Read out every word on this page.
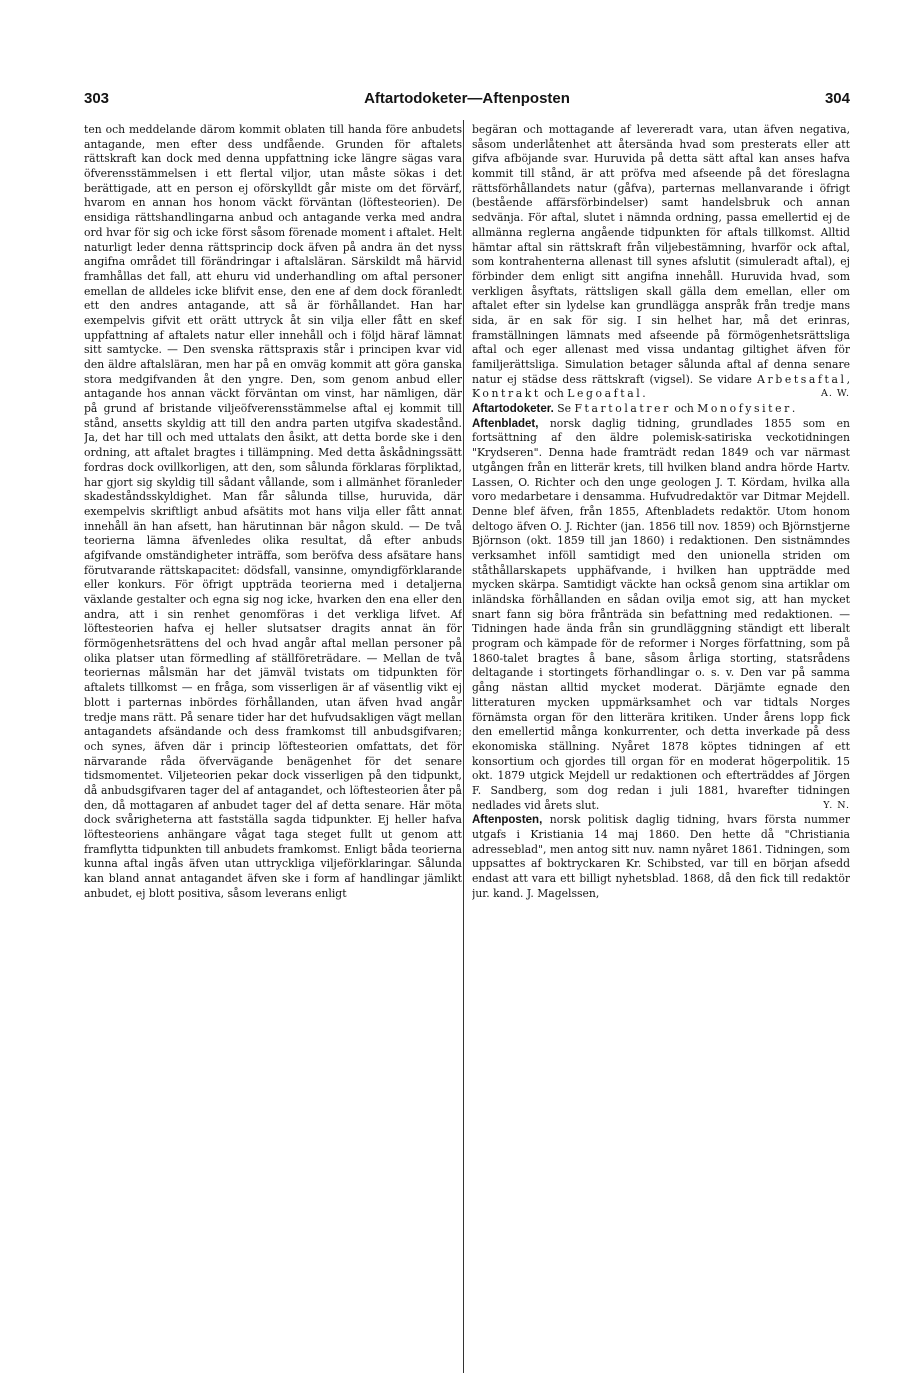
303	Aftartodoketer—Aftenposten	304

ten och meddelande därom kommit oblaten till handa före anbudets antagande, men efter dess undfående. Grunden för aftalets rättskraft kan dock med denna uppfattning icke längre sägas vara öfverensstämmelsen i ett flertal viljor, utan måste sökas i det berättigade, att en person ej oförskylldt går miste om det förvärf, hvarom en annan hos honom väckt förväntan (löftesteorien). De ensidiga rättshandlingarna anbud och antagande verka med andra ord hvar för sig och icke först såsom förenade moment i aftalet. Helt naturligt leder denna rättsprincip dock äfven på andra än det nyss angifna området till förändringar i aftalsläran. Särskildt må härvid framhållas det fall, att ehuru vid underhandling om aftal personer emellan de alldeles icke blifvit ense, den ene af dem dock föranledt ett den andres antagande, att så är förhållandet. Han har exempelvis gifvit ett orätt uttryck åt sin vilja eller fått en skef uppfattning af aftalets natur eller innehåll och i följd häraf lämnat sitt samtycke. — Den svenska rättspraxis står i principen kvar vid den äldre aftalsläran, men har på en omväg kommit att göra ganska stora medgifvanden åt den yngre. Den, som genom anbud eller antagande hos annan väckt förväntan om vinst, har nämligen, där på grund af bristande viljeöfverensstämmelse aftal ej kommit till stånd, ansetts skyldig att till den andra parten utgifva skadestånd. Ja, det har till och med uttalats den åsikt, att detta borde ske i den ordning, att aftalet bragtes i tillämpning. Med detta åskådningssätt fordras dock ovillkorligen, att den, som sålunda förklaras förpliktad, har gjort sig skyldig till sådant vållande, som i allmänhet föranleder skadeståndsskyldighet. Man får sålunda tillse, huruvida, där exempelvis skriftligt anbud afsätits mot hans vilja eller fått annat innehåll än han afsett, han härutinnan bär någon skuld. — De två teorierna lämna äfvenledes olika resultat, då efter anbuds afgifvande omständigheter inträffa, som beröfva dess afsätare hans förutvarande rättskapacitet: dödsfall, vansinne, omyndigförklarande eller konkurs. För öfrigt uppträda teorierna med i detaljerna växlande gestalter och egna sig nog icke, hvarken den ena eller den andra, att i sin renhet genomföras i det verkliga lifvet. Af löftesteorien hafva ej heller slutsatser dragits annat än för förmögenhetsrättens del och hvad angår aftal mellan personer på olika platser utan förmedling af ställföreträdare. — Mellan de två teoriernas målsmän har det jämväl tvistats om tidpunkten för aftalets tillkomst — en fråga, som visserligen är af väsentlig vikt ej blott i parternas inbördes förhållanden, utan äfven hvad angår tredje mans rätt. På senare tider har det hufvudsakligen vägt mellan antagandets afsändande och dess framkomst till anbudsgifvaren; och synes, äfven där i princip löftesteorien omfattats, det för närvarande råda öfvervägande benägenhet för det senare tidsmomentet. Viljeteorien pekar dock visserligen på den tidpunkt, då anbudsgifvaren tager del af antagandet, och löftesteorien åter på den, då mottagaren af anbudet tager del af detta senare. Här möta dock svårigheterna att fastställa sagda tidpunkter. Ej heller hafva löftesteoriens anhängare vågat taga steget fullt ut genom att framflytta tidpunkten till anbudets framkomst. Enligt båda teorierna kunna aftal ingås äfven utan uttryckliga viljeförklaringar. Sålunda kan bland annat antagandet äfven ske i form af handlingar jämlikt anbudet, ej blott positiva, såsom leverans enligt

begäran och mottagande af levereradt vara, utan äfven negativa, såsom underlåtenhet att återsända hvad som presterats eller att gifva afböjande svar. Huruvida på detta sätt aftal kan anses hafva kommit till stånd, är att pröfva med afseende på det föreslagna rättsförhållandets natur (gåfva), parternas mellanvarande i öfrigt (bestående affärsförbindelser) samt handelsbruk och annan sedvänja. För aftal, slutet i nämnda ordning, passa emellertid ej de allmänna reglerna angående tidpunkten för aftals tillkomst. Alltid hämtar aftal sin rättskraft från viljebestämning, hvarför ock aftal, som kontrahenterna allenast till synes afslutit (simuleradt aftal), ej förbinder dem enligt sitt angifna innehåll. Huruvida hvad, som verkligen åsyftats, rättsligen skall gälla dem emellan, eller om aftalet efter sin lydelse kan grundlägga anspråk från tredje mans sida, är en sak för sig. I sin helhet har, må det erinras, framställningen lämnats med afseende på förmögenhetsrättsliga aftal och eger allenast med vissa undantag giltighet äfven för familjerättsliga. Simulation betager sålunda aftal af denna senare natur ej städse dess rättskraft (vigsel). Se vidare Arbetsaftal, Kontrakt och Legoaftal.	A. W.

Aftartodoketer. Se Ftartolatrer och Monofysiter.

Aftenbladet, norsk daglig tidning, grundlades 1855 som en fortsättning af den äldre polemisk-satiriska veckotidningen "Krydseren". Denna hade framträdt redan 1849 och var närmast utgången från en litterär krets, till hvilken bland andra hörde Hartv. Lassen, O. Richter och den unge geologen J. T. Kördam, hvilka alla voro medarbetare i densamma. Hufvudredaktör var Ditmar Mejdell. Denne blef äfven, från 1855, Aftenbladets redaktör. Utom honom deltogo äfven O. J. Richter (jan. 1856 till nov. 1859) och Björnstjerne Björnson (okt. 1859 till jan 1860) i redaktionen. Den sistnämndes verksamhet inföll samtidigt med den unionella striden om ståthållarskapets upphäfvande, i hvilken han uppträdde med mycken skärpa. Samtidigt väckte han också genom sina artiklar om inländska förhållanden en sådan ovilja emot sig, att han mycket snart fann sig böra frånträda sin befattning med redaktionen. — Tidningen hade ända från sin grundläggning ständigt ett liberalt program och kämpade för de reformer i Norges författning, som på 1860-talet bragtes å bane, såsom årliga storting, statsrådens deltagande i stortingets förhandlingar o. s. v. Den var på samma gång nästan alltid mycket moderat. Därjämte egnade den litteraturen mycken uppmärksamhet och var tidtals Norges förnämsta organ för den litterära kritiken. Under årens lopp fick den emellertid många konkurrenter, och detta inverkade på dess ekonomiska ställning. Nyåret 1878 köptes tidningen af ett konsortium och gjordes till organ för en moderat högerpolitik. 15 okt. 1879 utgick Mejdell ur redaktionen och efterträddes af Jörgen F. Sandberg, som dog redan i juli 1881, hvarefter tidningen nedlades vid årets slut.	Y. N.

Aftenposten, norsk politisk daglig tidning, hvars första nummer utgafs i Kristiania 14 maj 1860. Den hette då "Christiania adresseblad", men antog sitt nuv. namn nyåret 1861. Tidningen, som uppsattes af boktryckaren Kr. Schibsted, var till en början afsedd endast att vara ett billigt nyhetsblad. 1868, då den fick till redaktör jur. kand. J. Magelssen,
